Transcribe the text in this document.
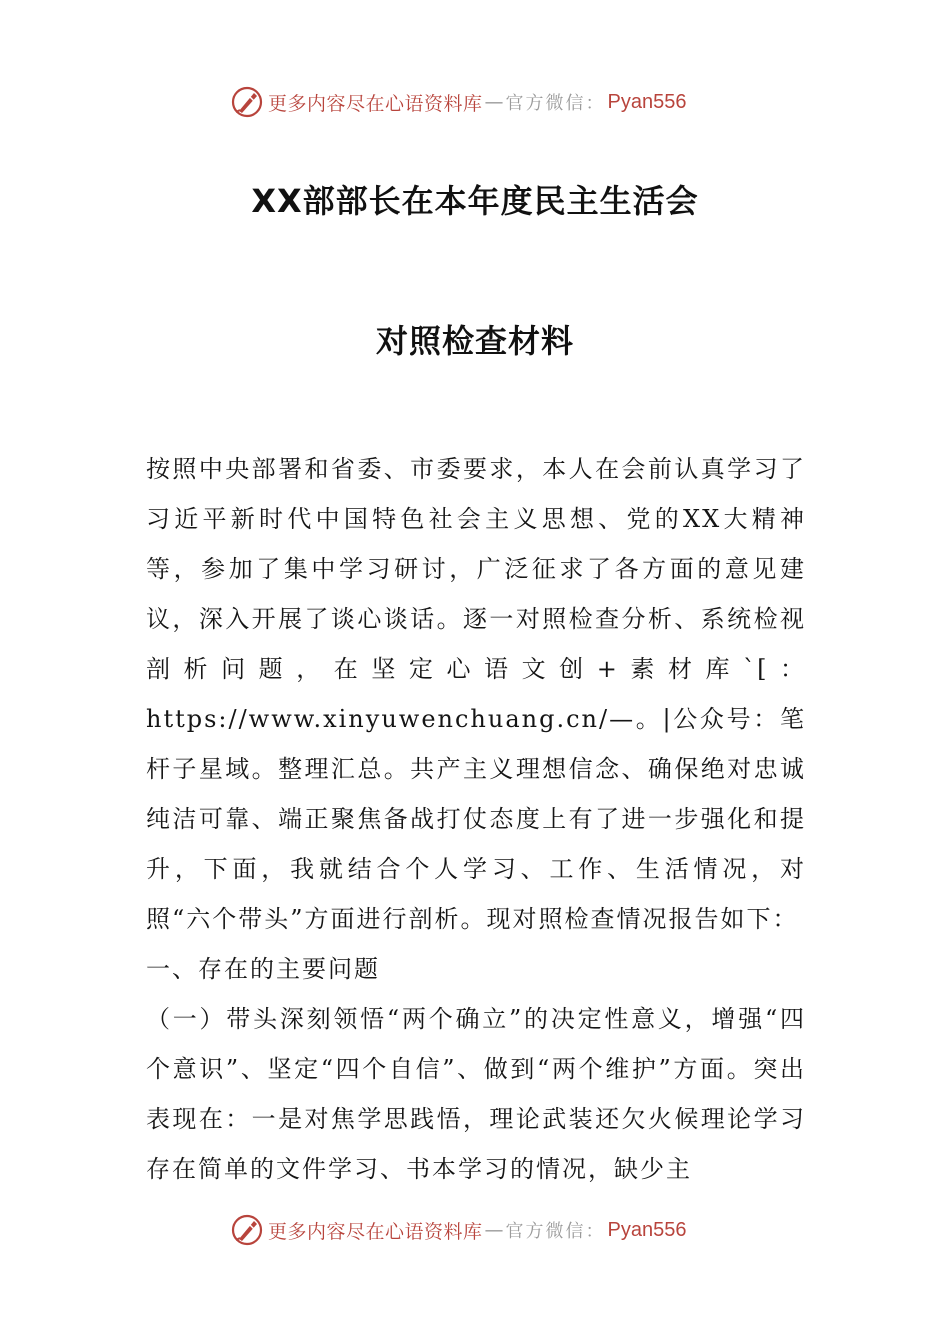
更多内容尽在心语资料库 — 官方微信： Pyan556
XX部部长在本年度民主生活会
对照检查材料

按照中央部署和省委、市委要求，本人在会前认真学习了习近平新时代中国特色社会主义思想、党的XX大精神等，参加了集中学习研讨，广泛征求了各方面的意见建议，深入开展了谈心谈话。逐一对照检查分析、系统检视剖析问题，在坚定心语文创+素材库`[：https://www.xinyuwenchuang.cn/—。|公众号：笔杆子星域。整理汇总。共产主义理想信念、确保绝对忠诚纯洁可靠、端正聚焦备战打仗态度上有了进一步强化和提升，下面，我就结合个人学习、工作、生活情况，对照“六个带头”方面进行剖析。现对照检查情况报告如下：

一、存在的主要问题

（一）带头深刻领悟“两个确立”的决定性意义，增强“四个意识”、坚定“四个自信”、做到“两个维护”方面。突出表现在：一是对焦学思践悟，理论武装还欠火候理论学习存在简单的文件学习、书本学习的情况，缺少主

更多内容尽在心语资料库 — 官方微信： Pyan556
